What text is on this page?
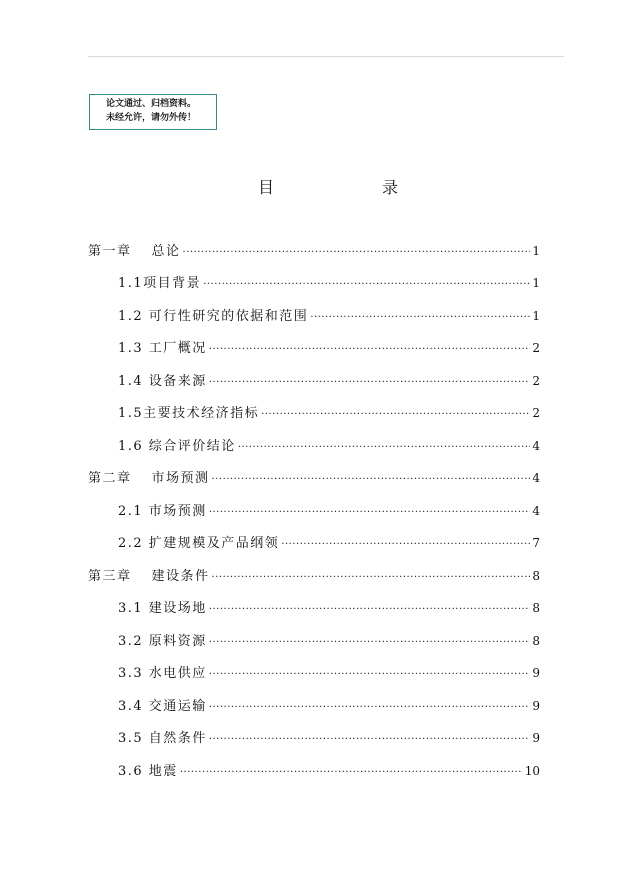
论文通过、归档资料。
未经允许，请勿外传！
目	录
第一章 总论 ·····	1
1.1项目背景 ·····	1
1.2 可行性研究的依据和范围 ·····	1
1.3 工厂概况 ·····	2
1.4 设备来源 ·····	2
1.5主要技术经济指标 ·····	2
1.6 综合评价结论 ·····	4
第二章 市场预测 ·····	4
2.1 市场预测 ·····	4
2.2 扩建规模及产品纲领 ·····	7
第三章 建设条件 ·····	8
3.1 建设场地 ·····	8
3.2 原料资源 ·····	8
3.3 水电供应 ·····	9
3.4 交通运输 ·····	9
3.5 自然条件 ·····	9
3.6 地震 ·····	10
